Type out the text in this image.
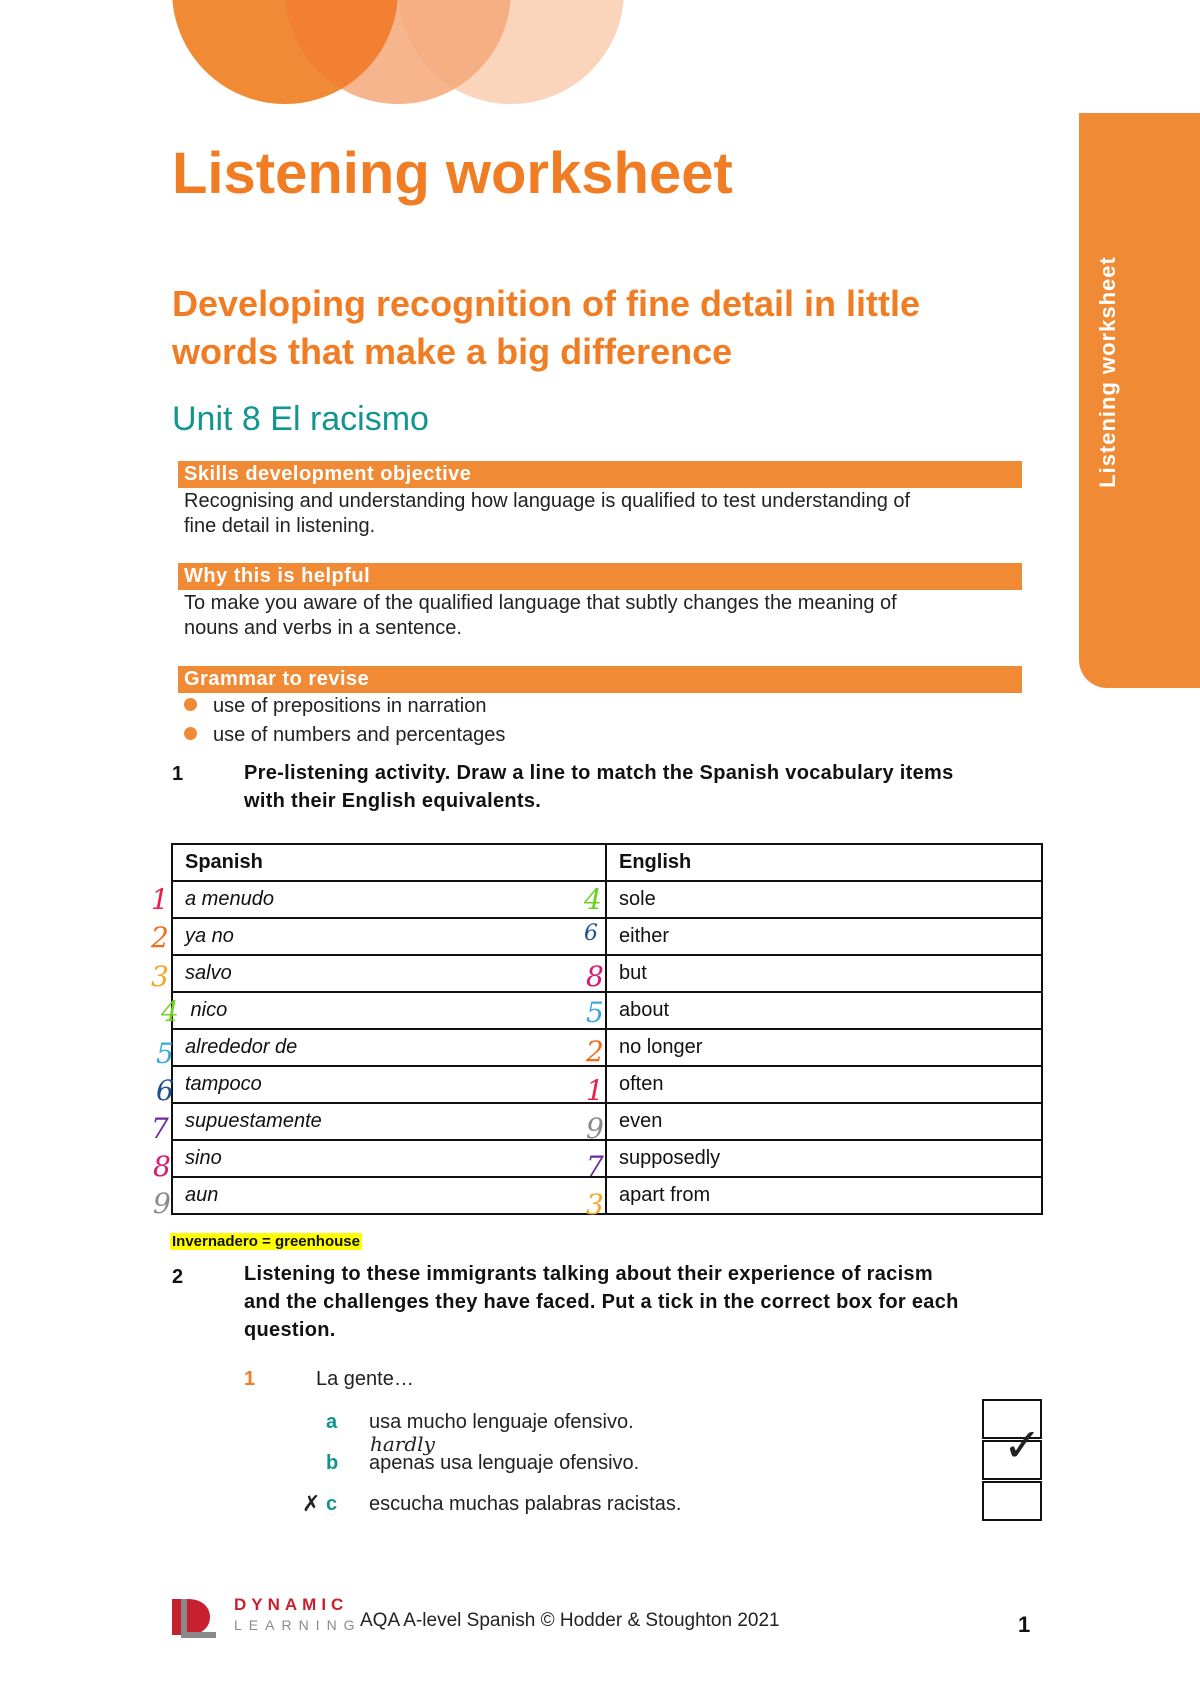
Listening worksheet
Listening worksheet
Developing recognition of fine detail in little
words that make a big difference
Unit 8 El racismo
Skills development objective
Recognising and understanding how language is qualified to test understanding of
fine detail in listening.
Why this is helpful
To make you aware of the qualified language that subtly changes the meaning of
nouns and verbs in a sentence.
Grammar to revise
use of prepositions in narration
use of numbers and percentages
1	Pre-listening activity. Draw a line to match the Spanish vocabulary items
with their English equivalents.
Spanish	English
a menudo	sole
ya no	either
salvo	but
nico	about
alrededor de	no longer
tampoco	often
supuestamente	even
sino	supposedly
aun	apart from
1
2
3
4
5
6
7
8
9
4
6
8
5
2
1
9
7
3
Invernadero = greenhouse
2	Listening to these immigrants talking about their experience of racism
and the challenges they have faced. Put a tick in the correct box for each
question.
1	La gente…
a usa mucho lenguaje ofensivo.
b apenas usa lenguaje ofensivo.
hardly
c escucha muchas palabras racistas.
✗
✓
DYNAMIC
LEARNING
AQA A-level Spanish © Hodder & Stoughton 2021	1
